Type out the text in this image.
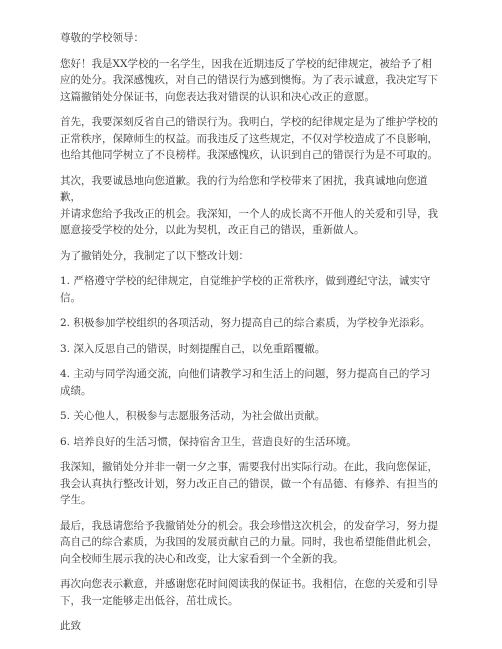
尊敬的学校领导：

您好！我是XX学校的一名学生，因我在近期违反了学校的纪律规定，被给予了相

应的处分。我深感愧疚，对自己的错误行为感到懊悔。为了表示诚意，我决定写下

这篇撤销处分保证书，向您表达我对错误的认识和决心改正的意愿。

首先，我要深刻反省自己的错误行为。我明白，学校的纪律规定是为了维护学校的

正常秩序，保障师生的权益。而我违反了这些规定，不仅对学校造成了不良影响，

也给其他同学树立了不良榜样。我深感愧疚，认识到自己的错误行为是不可取的。

其次，我要诚恳地向您道歉。我的行为给您和学校带来了困扰，我真诚地向您道歉，

并请求您给予我改正的机会。我深知，一个人的成长离不开他人的关爱和引导，我

愿意接受学校的处分，以此为契机，改正自己的错误，重新做人。

为了撤销处分，我制定了以下整改计划：

1. 严格遵守学校的纪律规定，自觉维护学校的正常秩序，做到遵纪守法，诚实守

信。

2. 积极参加学校组织的各项活动，努力提高自己的综合素质，为学校争光添彩。

3. 深入反思自己的错误，时刻提醒自己，以免重蹈覆辙。

4. 主动与同学沟通交流，向他们请教学习和生活上的问题，努力提高自己的学习

成绩。

5. 关心他人，积极参与志愿服务活动，为社会做出贡献。

6. 培养良好的生活习惯，保持宿舍卫生，营造良好的生活环境。

我深知，撤销处分并非一朝一夕之事，需要我付出实际行动。在此，我向您保证，

我会认真执行整改计划，努力改正自己的错误，做一个有品德、有修养、有担当的

学生。

最后，我恳请您给予我撤销处分的机会。我会珍惜这次机会，的发奋学习，努力提

高自己的综合素质，为我国的发展贡献自己的力量。同时，我也希望能借此机会，

向全校师生展示我的决心和改变，让大家看到一个全新的我。

再次向您表示歉意，并感谢您花时间阅读我的保证书。我相信，在您的关爱和引导

下，我一定能够走出低谷，茁壮成长。

此致
